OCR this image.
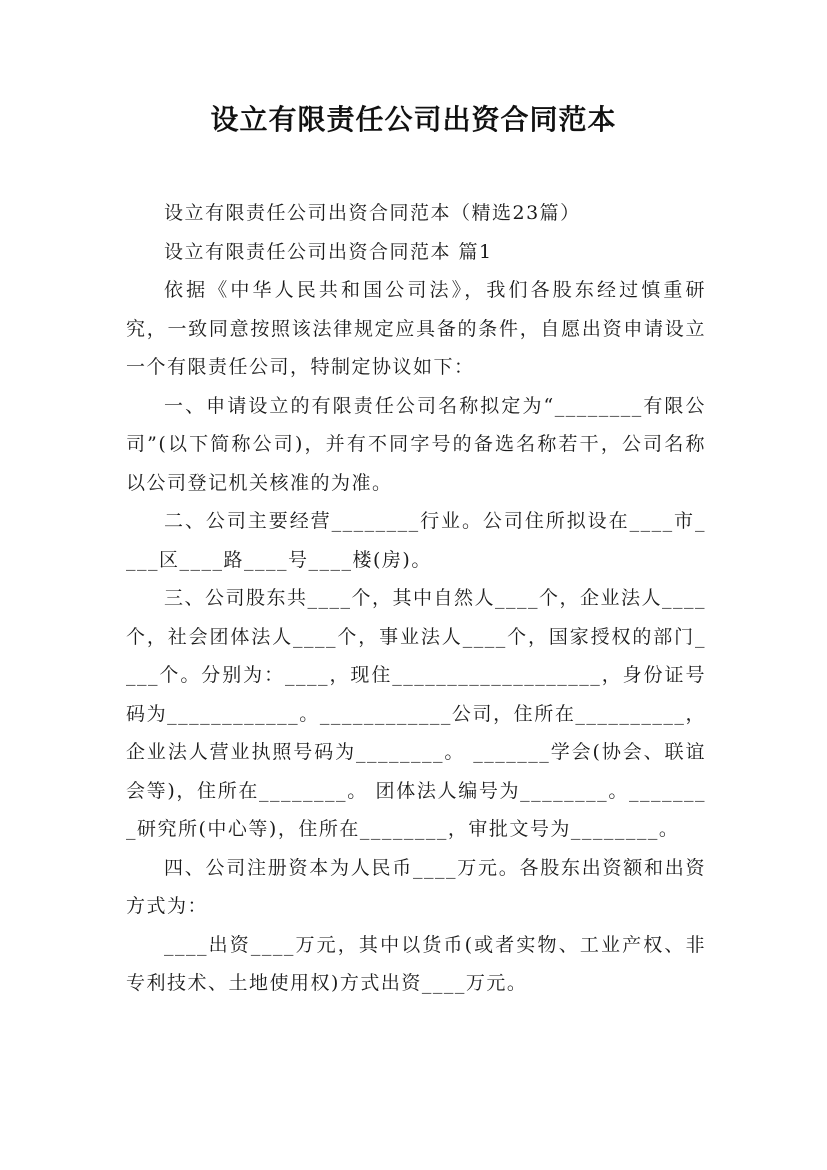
设立有限责任公司出资合同范本

设立有限责任公司出资合同范本（精选23篇）

设立有限责任公司出资合同范本 篇1

依据《中华人民共和国公司法》，我们各股东经过慎重研究，一致同意按照该法律规定应具备的条件，自愿出资申请设立一个有限责任公司，特制定协议如下：

一、申请设立的有限责任公司名称拟定为“________有限公司”(以下简称公司)，并有不同字号的备选名称若干，公司名称以公司登记机关核准的为准。

二、公司主要经营________行业。公司住所拟设在____市____区____路____号____楼(房)。

三、公司股东共____个，其中自然人____个，企业法人____个，社会团体法人____个，事业法人____个，国家授权的部门____个。分别为：____，现住___________________，身份证号码为____________。____________公司，住所在__________，企业法人营业执照号码为________。 _______学会(协会、联谊会等)，住所在________。 团体法人编号为________。________研究所(中心等)，住所在________，审批文号为________。

四、公司注册资本为人民币____万元。各股东出资额和出资方式为：

____出资____万元，其中以货币(或者实物、工业产权、非专利技术、土地使用权)方式出资____万元。
